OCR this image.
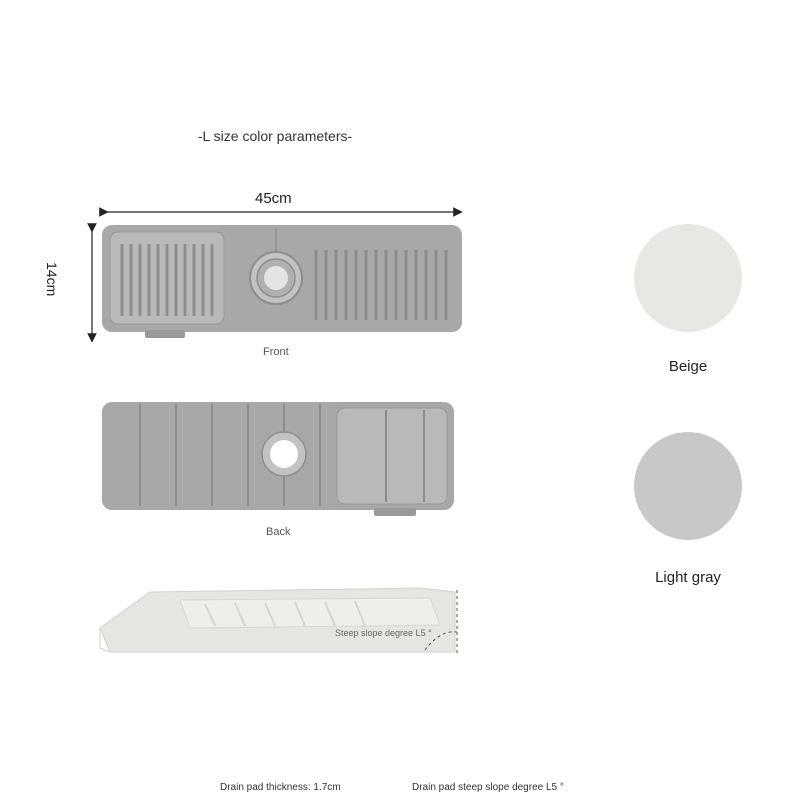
-L size color parameters-
45cm
14cm
Front
Back
Steep slope degree L5 °
Beige
Light gray
Drain pad thickness: 1.7cm	Drain pad steep slope degree L5 °
